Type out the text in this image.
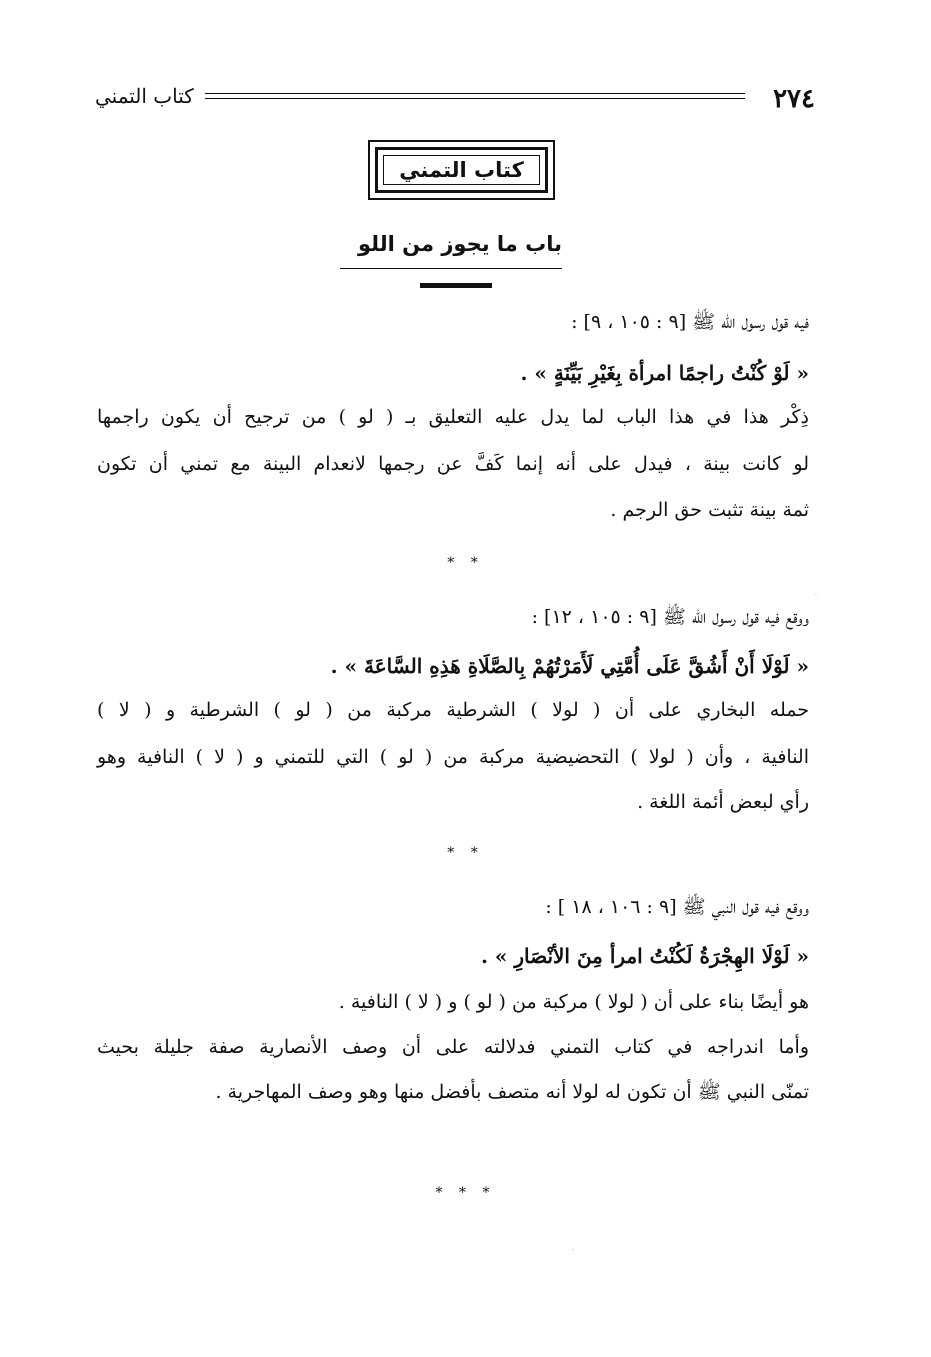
٢٧٤
كتاب التمني
كتاب التمني
باب ما يجوز من اللو
فيه قول رسول اللّٰه ﷺ [٩ : ١٠٥ ، ٩] :
« لَوْ كُنْتُ راجمًا امرأة بِغَيْرِ بَيِّنَةٍ » .
ذِكْر هذا في هذا الباب لما يدل عليه التعليق بـ ( لو ) من ترجيح أن يكون راجمها
لو كانت بينة ، فيدل على أنه إنما كَفَّ عن رجمها لانعدام البينة مع تمني أن تكون
ثمة بينة تثبت حق الرجم .
* *
ووقع فيه قول رسول اللّٰه ﷺ [٩ : ١٠٥ ، ١٢] :
« لَوْلَا أَنْ أَشُقَّ عَلَى أُمَّتِي لَأَمَرْتُهُمْ بِالصَّلَاةِ هَذِهِ السَّاعَةَ » .
حمله البخاري على أن ( لولا ) الشرطية مركبة من ( لو ) الشرطية و ( لا )
النافية ، وأن ( لولا ) التحضيضية مركبة من ( لو ) التي للتمني و ( لا ) النافية وهو
رأي لبعض أئمة اللغة .
* *
ووقع فيه قول النبي ﷺ [٩ : ١٠٦ ، ١٨ ] :
« لَوْلَا الهِجْرَةُ لَكُنْتُ امرأ مِنَ الأنْصَارِ » .
هو أيضًا بناء على أن ( لولا ) مركبة من ( لو ) و ( لا ) النافية .
وأما اندراجه في كتاب التمني فدلالته على أن وصف الأنصارية صفة جليلة بحيث
تمنّى النبي ﷺ أن تكون له لولا أنه متصف بأفضل منها وهو وصف المهاجرية .
* * *
·
·
